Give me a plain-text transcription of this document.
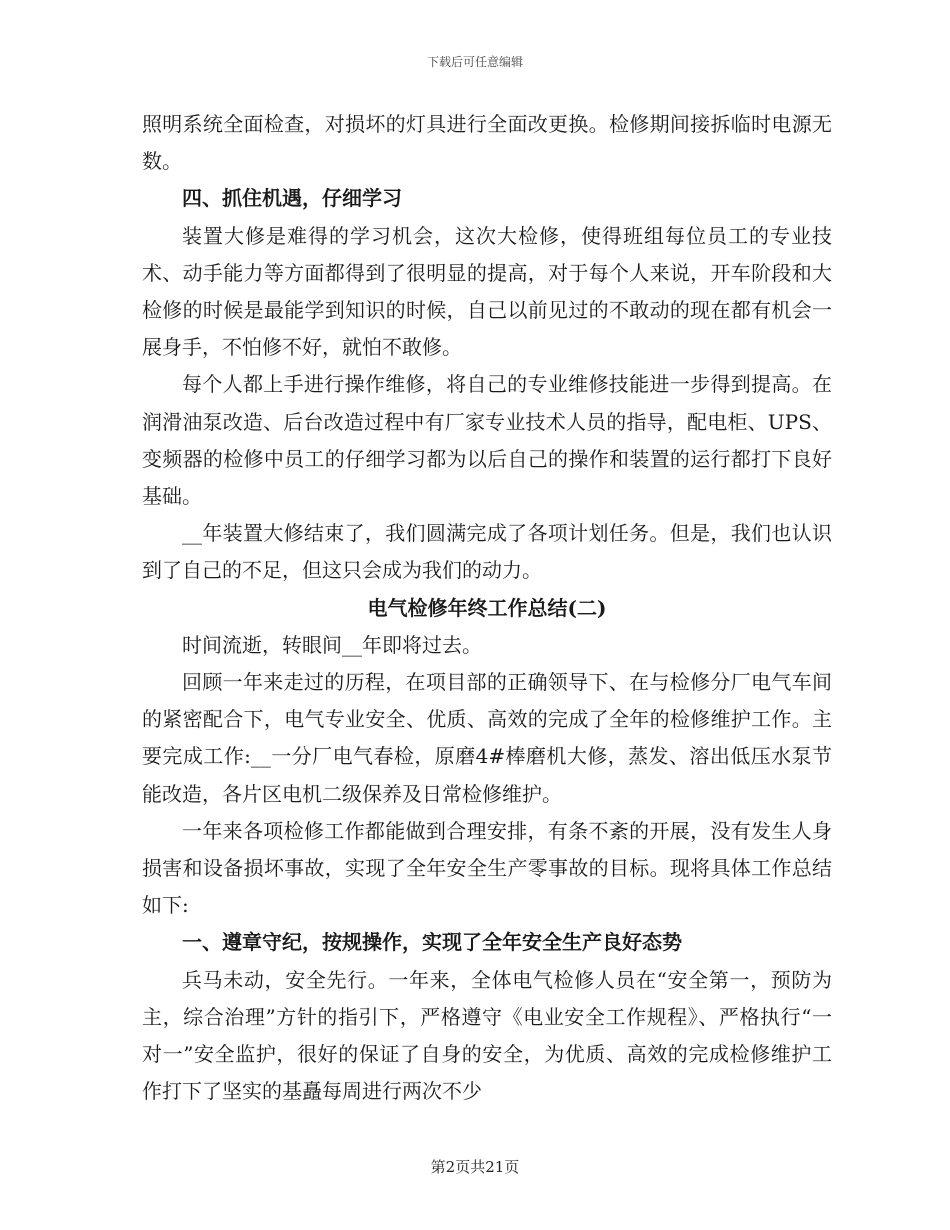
下载后可任意编辑

照明系统全面检查，对损坏的灯具进行全面改更换。检修期间接拆临时电源无数。

四、抓住机遇，仔细学习

装置大修是难得的学习机会，这次大检修，使得班组每位员工的专业技术、动手能力等方面都得到了很明显的提高，对于每个人来说，开车阶段和大检修的时候是最能学到知识的时候，自己以前见过的不敢动的现在都有机会一展身手，不怕修不好，就怕不敢修。

每个人都上手进行操作维修，将自己的专业维修技能进一步得到提高。在润滑油泵改造、后台改造过程中有厂家专业技术人员的指导，配电柜、UPS、变频器的检修中员工的仔细学习都为以后自己的操作和装置的运行都打下良好基础。

__年装置大修结束了，我们圆满完成了各项计划任务。但是，我们也认识到了自己的不足，但这只会成为我们的动力。

电气检修年终工作总结(二)

时间流逝，转眼间__年即将过去。

回顾一年来走过的历程，在项目部的正确领导下、在与检修分厂电气车间的紧密配合下，电气专业安全、优质、高效的完成了全年的检修维护工作。主要完成工作:__一分厂电气春检，原磨4#棒磨机大修，蒸发、溶出低压水泵节能改造，各片区电机二级保养及日常检修维护。

一年来各项检修工作都能做到合理安排，有条不紊的开展，没有发生人身损害和设备损坏事故，实现了全年安全生产零事故的目标。现将具体工作总结如下:

一、遵章守纪，按规操作，实现了全年安全生产良好态势

兵马未动，安全先行。一年来，全体电气检修人员在“安全第一，预防为主，综合治理”方针的指引下，严格遵守《电业安全工作规程》、严格执行“一对一”安全监护，很好的保证了自身的安全，为优质、高效的完成检修维护工作打下了坚实的基矗每周进行两次不少

第2页共21页
